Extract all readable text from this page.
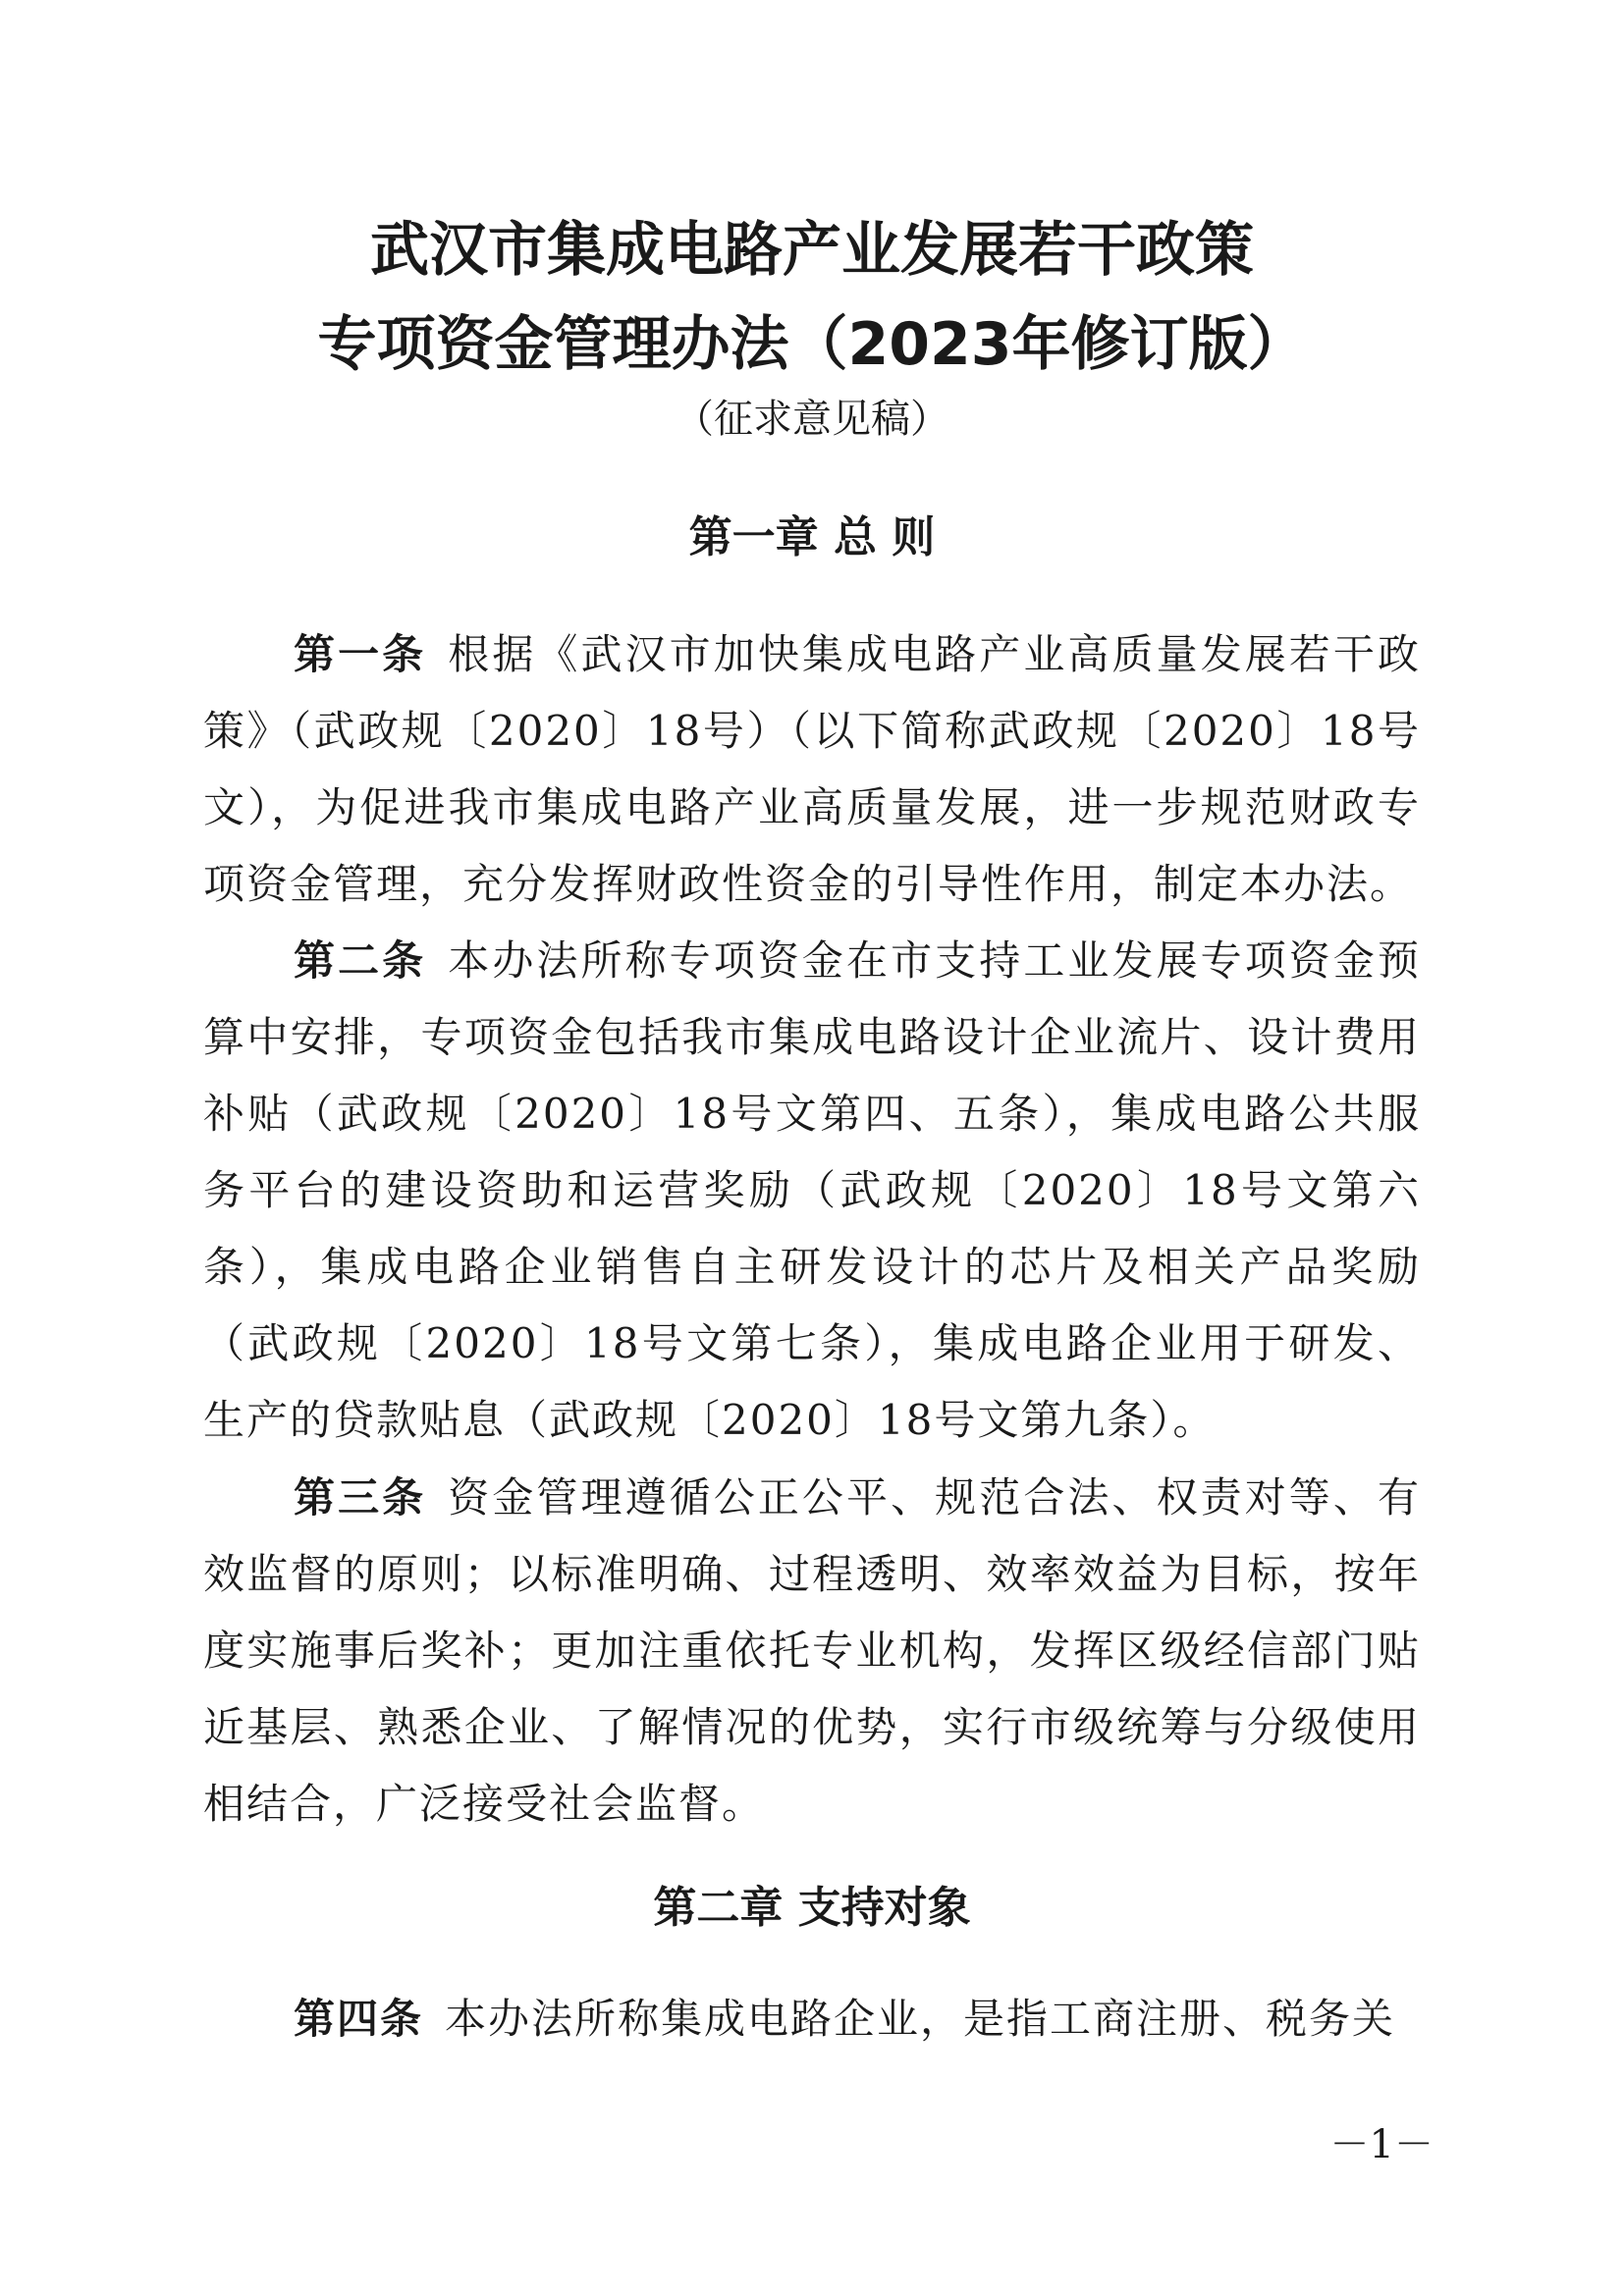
武汉市集成电路产业发展若干政策
专项资金管理办法（2023年修订版）
（征求意见稿）
第一章 总 则

第一条 根据《武汉市加快集成电路产业高质量发展若干政策》（武政规〔2020〕18号）（以下简称武政规〔2020〕18号文），为促进我市集成电路产业高质量发展，进一步规范财政专项资金管理，充分发挥财政性资金的引导性作用，制定本办法。

第二条 本办法所称专项资金在市支持工业发展专项资金预算中安排，专项资金包括我市集成电路设计企业流片、设计费用补贴（武政规〔2020〕18号文第四、五条），集成电路公共服务平台的建设资助和运营奖励（武政规〔2020〕18号文第六条），集成电路企业销售自主研发设计的芯片及相关产品奖励（武政规〔2020〕18号文第七条），集成电路企业用于研发、生产的贷款贴息（武政规〔2020〕18号文第九条）。

第三条 资金管理遵循公正公平、规范合法、权责对等、有效监督的原则；以标准明确、过程透明、效率效益为目标，按年度实施事后奖补；更加注重依托专业机构，发挥区级经信部门贴近基层、熟悉企业、了解情况的优势，实行市级统筹与分级使用相结合，广泛接受社会监督。

第二章 支持对象

第四条 本办法所称集成电路企业，是指工商注册、税务关

－1－
